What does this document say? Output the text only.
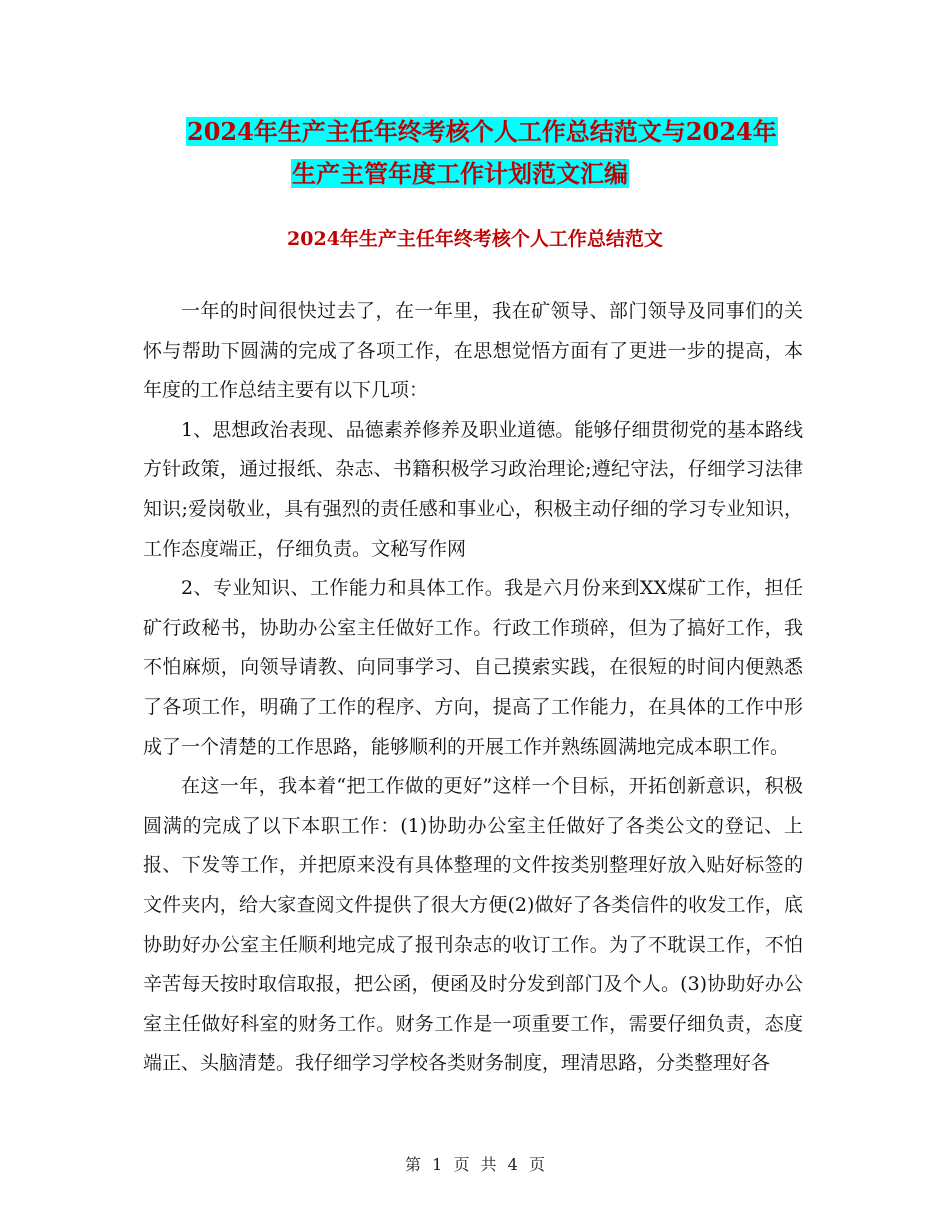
2024年生产主任年终考核个人工作总结范文与2024年
生产主管年度工作计划范文汇编
2024年生产主任年终考核个人工作总结范文

一年的时间很快过去了，在一年里，我在矿领导、部门领导及同事们的关怀与帮助下圆满的完成了各项工作，在思想觉悟方面有了更进一步的提高，本年度的工作总结主要有以下几项：

1、思想政治表现、品德素养修养及职业道德。能够仔细贯彻党的基本路线方针政策，通过报纸、杂志、书籍积极学习政治理论;遵纪守法，仔细学习法律知识;爱岗敬业，具有强烈的责任感和事业心，积极主动仔细的学习专业知识，工作态度端正，仔细负责。文秘写作网

2、专业知识、工作能力和具体工作。我是六月份来到XX煤矿工作，担任矿行政秘书，协助办公室主任做好工作。行政工作琐碎，但为了搞好工作，我不怕麻烦，向领导请教、向同事学习、自己摸索实践，在很短的时间内便熟悉了各项工作，明确了工作的程序、方向，提高了工作能力，在具体的工作中形成了一个清楚的工作思路，能够顺利的开展工作并熟练圆满地完成本职工作。

在这一年，我本着“把工作做的更好”这样一个目标，开拓创新意识，积极圆满的完成了以下本职工作：(1)协助办公室主任做好了各类公文的登记、上报、下发等工作，并把原来没有具体整理的文件按类别整理好放入贴好标签的文件夹内，给大家查阅文件提供了很大方便(2)做好了各类信件的收发工作，底协助好办公室主任顺利地完成了报刊杂志的收订工作。为了不耽误工作，不怕辛苦每天按时取信取报，把公函，便函及时分发到部门及个人。(3)协助好办公室主任做好科室的财务工作。财务工作是一项重要工作，需要仔细负责，态度端正、头脑清楚。我仔细学习学校各类财务制度，理清思路，分类整理好各

第 1 页 共 4 页
